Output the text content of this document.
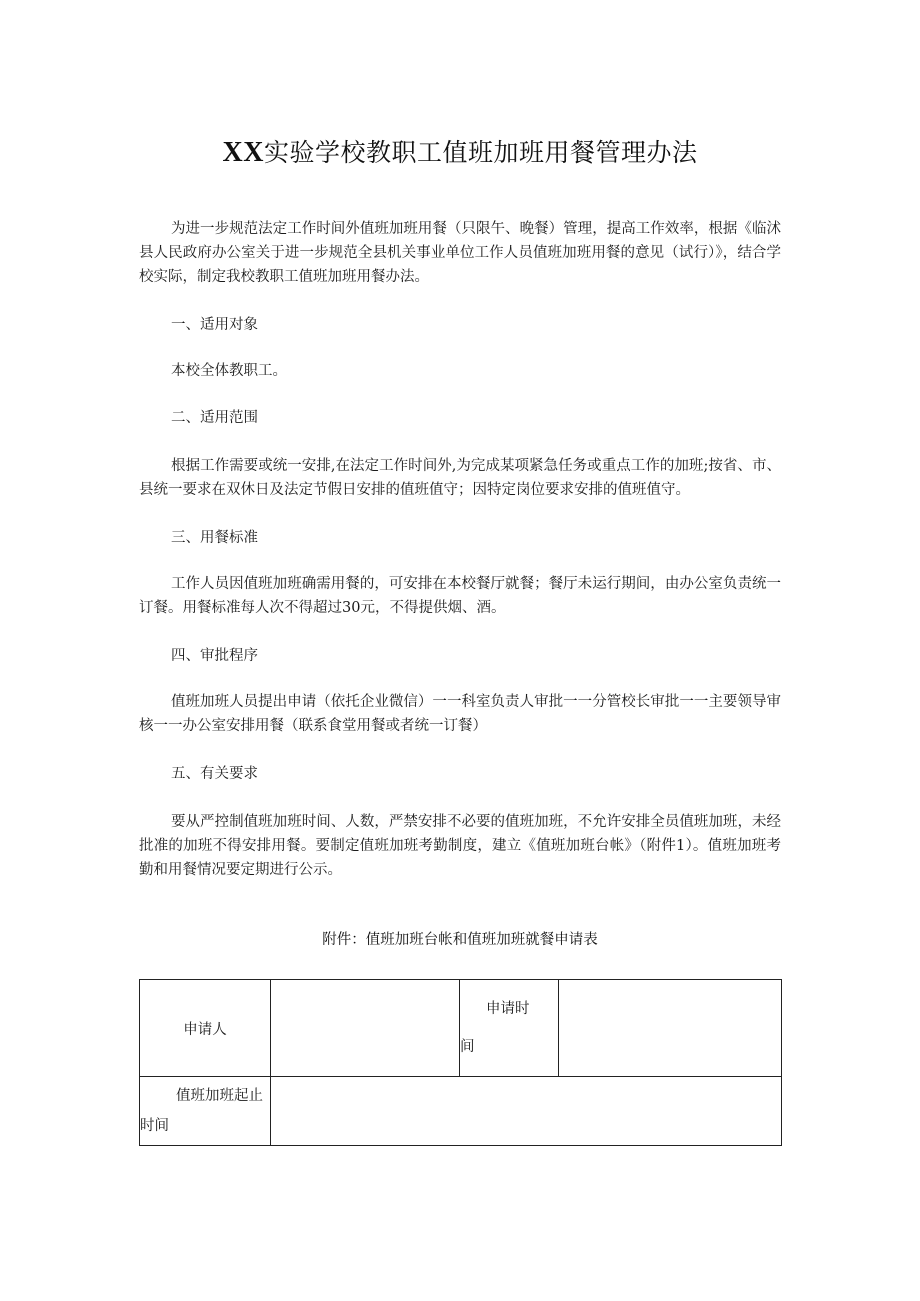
XX实验学校教职工值班加班用餐管理办法
为进一步规范法定工作时间外值班加班用餐（只限午、晚餐）管理，提高工作效率，根据《临沭县人民政府办公室关于进一步规范全县机关事业单位工作人员值班加班用餐的意见（试行）》，结合学校实际，制定我校教职工值班加班用餐办法。
一、适用对象
本校全体教职工。
二、适用范围
根据工作需要或统一安排,在法定工作时间外,为完成某项紧急任务或重点工作的加班;按省、市、县统一要求在双休日及法定节假日安排的值班值守；因特定岗位要求安排的值班值守。
三、用餐标准
工作人员因值班加班确需用餐的，可安排在本校餐厅就餐；餐厅未运行期间，由办公室负责统一订餐。用餐标准每人次不得超过30元，不得提供烟、酒。
四、审批程序
值班加班人员提出申请（依托企业微信）一一科室负责人审批一一分管校长审批一一主要领导审核一一办公室安排用餐（联系食堂用餐或者统一订餐）
五、有关要求
要从严控制值班加班时间、人数，严禁安排不必要的值班加班，不允许安排全员值班加班，未经批准的加班不得安排用餐。要制定值班加班考勤制度，建立《值班加班台帐》（附件1）。值班加班考勤和用餐情况要定期进行公示。
附件：值班加班台帐和值班加班就餐申请表
申请人		申请时
间	

值班加班起止
时间			
